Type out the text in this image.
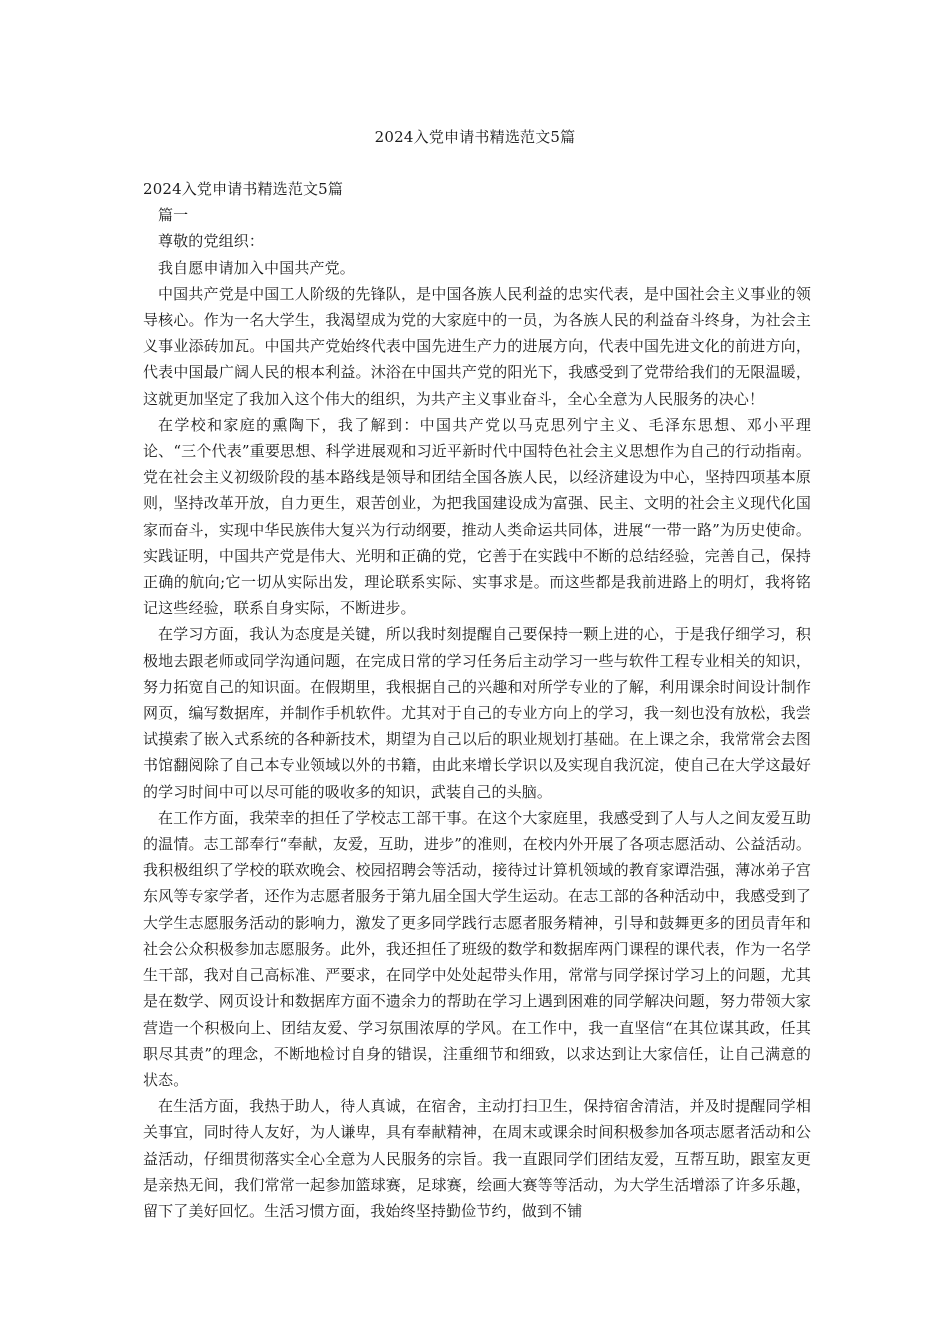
2024入党申请书精选范文5篇

2024入党申请书精选范文5篇

篇一

尊敬的党组织：

我自愿申请加入中国共产党。

中国共产党是中国工人阶级的先锋队，是中国各族人民利益的忠实代表，是中国社会主义事业的领导核心。作为一名大学生，我渴望成为党的大家庭中的一员，为各族人民的利益奋斗终身，为社会主义事业添砖加瓦。中国共产党始终代表中国先进生产力的进展方向，代表中国先进文化的前进方向，代表中国最广阔人民的根本利益。沐浴在中国共产党的阳光下，我感受到了党带给我们的无限温暖，这就更加坚定了我加入这个伟大的组织，为共产主义事业奋斗，全心全意为人民服务的决心！

在学校和家庭的熏陶下，我了解到：中国共产党以马克思列宁主义、毛泽东思想、邓小平理论、“三个代表”重要思想、科学进展观和习近平新时代中国特色社会主义思想作为自己的行动指南。党在社会主义初级阶段的基本路线是领导和团结全国各族人民，以经济建设为中心，坚持四项基本原则，坚持改革开放，自力更生，艰苦创业，为把我国建设成为富强、民主、文明的社会主义现代化国家而奋斗，实现中华民族伟大复兴为行动纲要，推动人类命运共同体，进展“一带一路”为历史使命。实践证明，中国共产党是伟大、光明和正确的党，它善于在实践中不断的总结经验，完善自己，保持正确的航向;它一切从实际出发，理论联系实际、实事求是。而这些都是我前进路上的明灯，我将铭记这些经验，联系自身实际，不断进步。

在学习方面，我认为态度是关键，所以我时刻提醒自己要保持一颗上进的心，于是我仔细学习，积极地去跟老师或同学沟通问题，在完成日常的学习任务后主动学习一些与软件工程专业相关的知识，努力拓宽自己的知识面。在假期里，我根据自己的兴趣和对所学专业的了解，利用课余时间设计制作网页，编写数据库，并制作手机软件。尤其对于自己的专业方向上的学习，我一刻也没有放松，我尝试摸索了嵌入式系统的各种新技术，期望为自己以后的职业规划打基础。在上课之余，我常常会去图书馆翻阅除了自己本专业领域以外的书籍，由此来增长学识以及实现自我沉淀，使自己在大学这最好的学习时间中可以尽可能的吸收多的知识，武装自己的头脑。

在工作方面，我荣幸的担任了学校志工部干事。在这个大家庭里，我感受到了人与人之间友爱互助的温情。志工部奉行“奉献，友爱，互助，进步”的准则，在校内外开展了各项志愿活动、公益活动。我积极组织了学校的联欢晚会、校园招聘会等活动，接待过计算机领域的教育家谭浩强，薄冰弟子宫东风等专家学者，还作为志愿者服务于第九届全国大学生运动。在志工部的各种活动中，我感受到了大学生志愿服务活动的影响力，激发了更多同学践行志愿者服务精神，引导和鼓舞更多的团员青年和社会公众积极参加志愿服务。此外，我还担任了班级的数学和数据库两门课程的课代表，作为一名学生干部，我对自己高标准、严要求，在同学中处处起带头作用，常常与同学探讨学习上的问题，尤其是在数学、网页设计和数据库方面不遗余力的帮助在学习上遇到困难的同学解决问题，努力带领大家营造一个积极向上、团结友爱、学习氛围浓厚的学风。在工作中，我一直坚信“在其位谋其政，任其职尽其责”的理念，不断地检讨自身的错误，注重细节和细致，以求达到让大家信任，让自己满意的状态。

在生活方面，我热于助人，待人真诚，在宿舍，主动打扫卫生，保持宿舍清洁，并及时提醒同学相关事宜，同时待人友好，为人谦卑，具有奉献精神，在周末或课余时间积极参加各项志愿者活动和公益活动，仔细贯彻落实全心全意为人民服务的宗旨。我一直跟同学们团结友爱，互帮互助，跟室友更是亲热无间，我们常常一起参加篮球赛，足球赛，绘画大赛等等活动，为大学生活增添了许多乐趣，留下了美好回忆。生活习惯方面，我始终坚持勤俭节约，做到不铺
